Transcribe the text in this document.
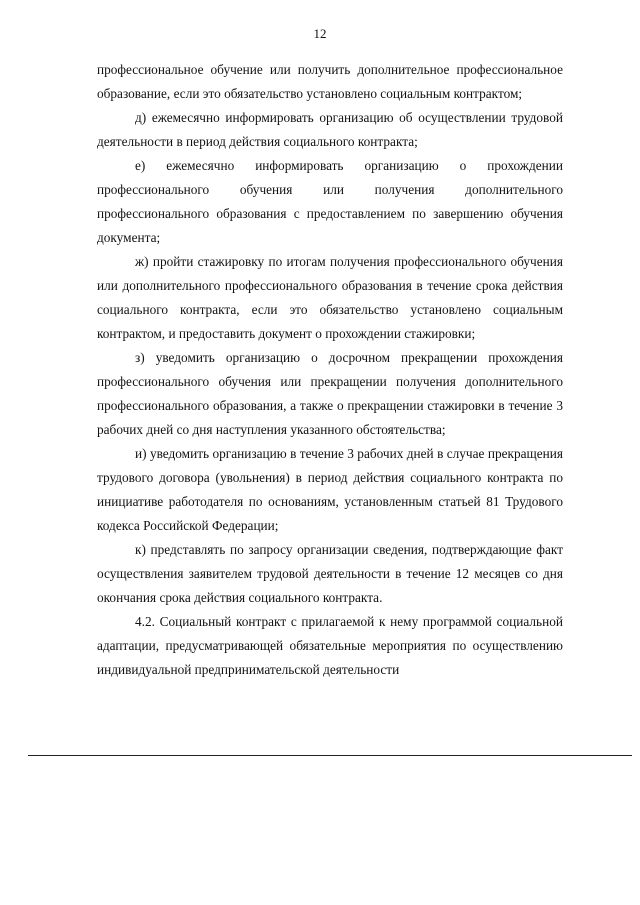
12

профессиональное обучение или получить дополнительное профессиональное образование, если это обязательство установлено социальным контрактом;

д) ежемесячно информировать организацию об осуществлении трудовой деятельности в период действия социального контракта;

е) ежемесячно информировать организацию о прохождении профессионального обучения или получения дополнительного профессионального образования с предоставлением по завершению обучения документа;

ж) пройти стажировку по итогам получения профессионального обучения или дополнительного профессионального образования в течение срока действия социального контракта, если это обязательство установлено социальным контрактом, и предоставить документ о прохождении стажировки;

з) уведомить организацию о досрочном прекращении прохождения профессионального обучения или прекращении получения дополнительного профессионального образования, а также о прекращении стажировки в течение 3 рабочих дней со дня наступления указанного обстоятельства;

и) уведомить организацию в течение 3 рабочих дней в случае прекращения трудового договора (увольнения) в период действия социального контракта по инициативе работодателя по основаниям, установленным статьей 81 Трудового кодекса Российской Федерации;

к) представлять по запросу организации сведения, подтверждающие факт осуществления заявителем трудовой деятельности в течение 12 месяцев со дня окончания срока действия социального контракта.

4.2. Социальный контракт с прилагаемой к нему программой социальной адаптации, предусматривающей обязательные мероприятия по осуществлению индивидуальной предпринимательской деятельности
